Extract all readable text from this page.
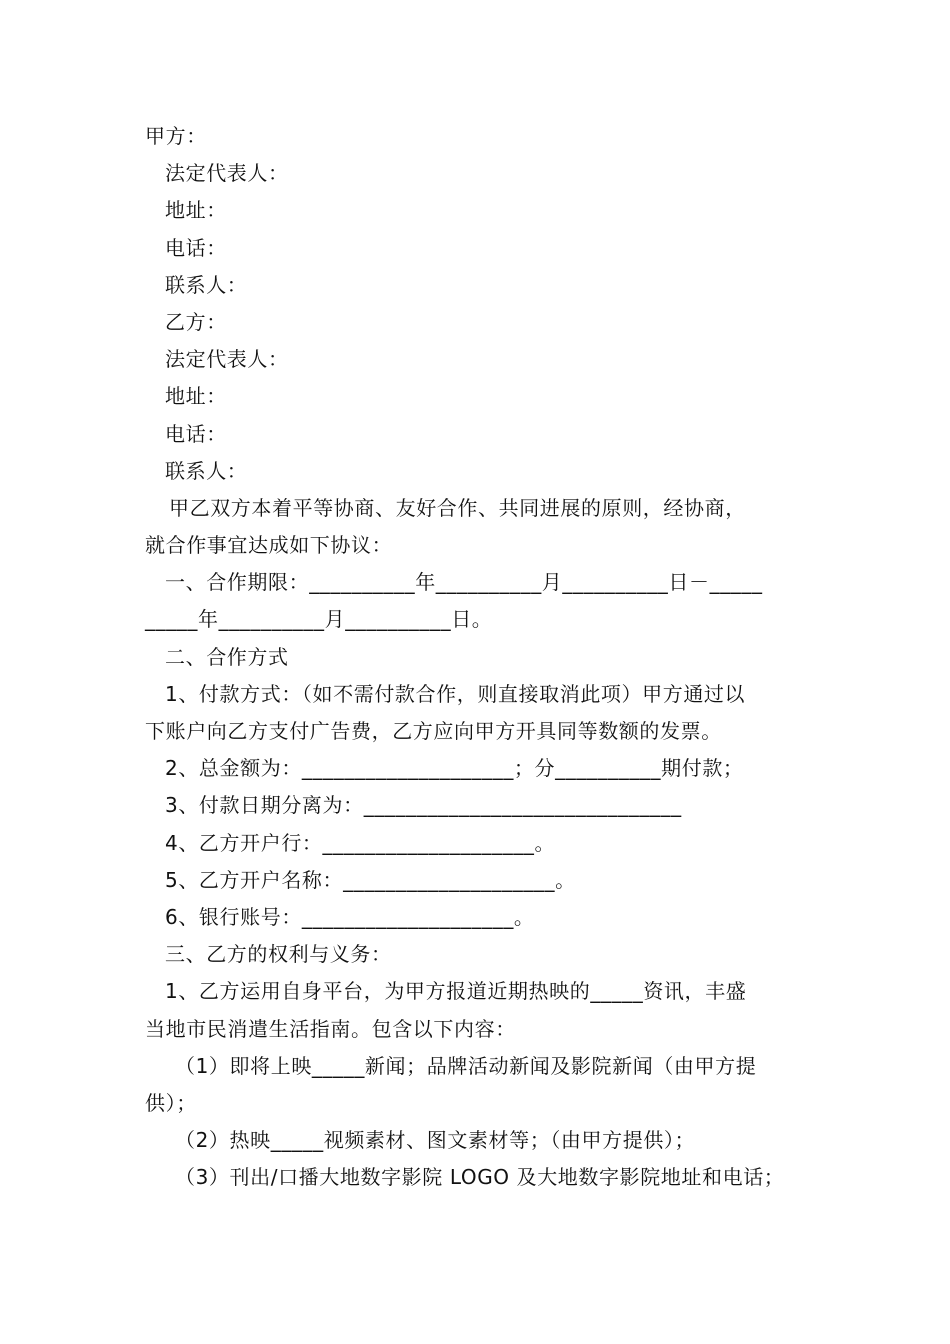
甲方：
法定代表人：
地址：
电话：
联系人：
乙方：
法定代表人：
地址：
电话：
联系人：
甲乙双方本着平等协商、友好合作、共同进展的原则，经协商，
就合作事宜达成如下协议：
一、合作期限：__________年__________月__________日－_____
_____年__________月__________日。
二、合作方式
1、付款方式：（如不需付款合作，则直接取消此项）甲方通过以
下账户向乙方支付广告费，乙方应向甲方开具同等数额的发票。
2、总金额为：____________________；分__________期付款；
3、付款日期分离为：______________________________
4、乙方开户行：____________________。
5、乙方开户名称：____________________。
6、银行账号：____________________。
三、乙方的权利与义务：
1、乙方运用自身平台，为甲方报道近期热映的_____资讯，丰盛
当地市民消遣生活指南。包含以下内容：
（1）即将上映_____新闻；品牌活动新闻及影院新闻（由甲方提
供）；
（2）热映_____视频素材、图文素材等；（由甲方提供）；
（3）刊出/口播大地数字影院 LOGO 及大地数字影院地址和电话；
